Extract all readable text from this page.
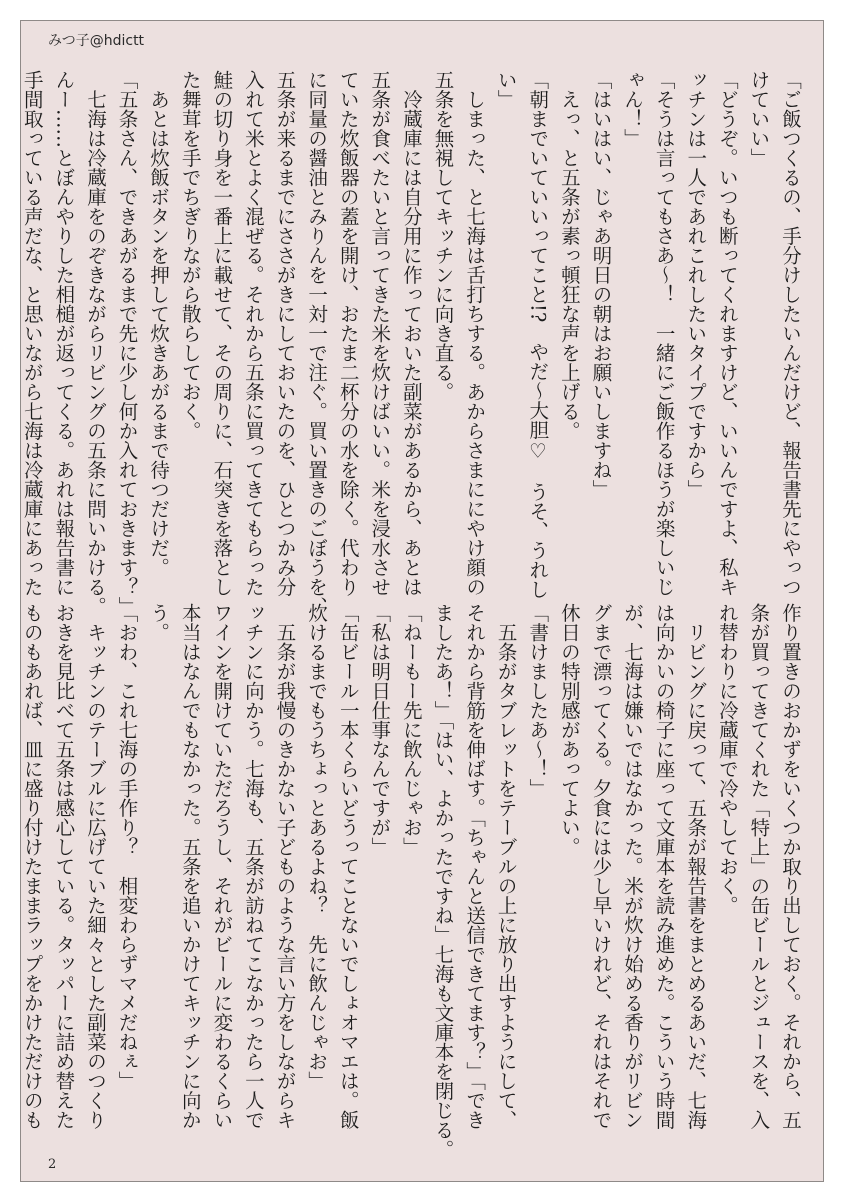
みつ子@hdictt
「ご飯つくるの、手分けしたいんだけど、報告書先にやっつ
けていい」
「どうぞ。いつも断ってくれますけど、いいんですよ、私キ
ッチンは一人であれこれしたいタイプですから」
「そうは言ってもさあ〜！　一緒にご飯作るほうが楽しいじ
ゃん！」
「はいはい、じゃあ明日の朝はお願いしますね」
　えっ、と五条が素っ頓狂な声を上げる。
「朝までいていいってこと!?　やだ〜大胆♡　うそ、うれし
い」
　しまった、と七海は舌打ちする。あからさまににやけ顔の
五条を無視してキッチンに向き直る。
　冷蔵庫には自分用に作っておいた副菜があるから、あとは
五条が食べたいと言ってきた米を炊けばいい。米を浸水させ
ていた炊飯器の蓋を開け、おたま二杯分の水を除く。代わり
に同量の醤油とみりんを一対一で注ぐ。買い置きのごぼうを、
五条が来るまでにささがきにしておいたのを、ひとつかみ分
入れて米とよく混ぜる。それから五条に買ってきてもらった
鮭の切り身を一番上に載せて、その周りに、石突きを落とし
た舞茸を手でちぎりながら散らしておく。
　あとは炊飯ボタンを押して炊きあがるまで待つだけだ。
「五条さん、できあがるまで先に少し何か入れておきます？」
　七海は冷蔵庫をのぞきながらリビングの五条に問いかける。
んー……とぼんやりした相槌が返ってくる。あれは報告書に
手間取っている声だな、と思いながら七海は冷蔵庫にあった
作り置きのおかずをいくつか取り出しておく。それから、五
条が買ってきてくれた「特上」の缶ビールとジュースを、入
れ替わりに冷蔵庫で冷やしておく。
　リビングに戻って、五条が報告書をまとめるあいだ、七海
は向かいの椅子に座って文庫本を読み進めた。こういう時間
が、七海は嫌いではなかった。米が炊け始める香りがリビン
グまで漂ってくる。夕食には少し早いけれど、それはそれで
休日の特別感があってよい。
「書けましたあ〜！」
　五条がタブレットをテーブルの上に放り出すようにして、
それから背筋を伸ばす。「ちゃんと送信できてます？」「でき
ましたあ！」「はい、よかったですね」七海も文庫本を閉じる。
「ねーもー先に飲んじゃお」
「私は明日仕事なんですが」
「缶ビール一本くらいどうってことないでしょオマエは。飯
炊けるまでもうちょっとあるよね？　先に飲んじゃお」
　五条が我慢のきかない子どものような言い方をしながらキ
ッチンに向かう。七海も、五条が訪ねてこなかったら一人で
ワインを開けていただろうし、それがビールに変わるくらい
本当はなんでもなかった。五条を追いかけてキッチンに向か
う。
「おわ、これ七海の手作り？　相変わらずマメだねぇ」
　キッチンのテーブルに広げていた細々とした副菜のつくり
おきを見比べて五条は感心している。タッパーに詰め替えた
ものもあれば、皿に盛り付けたままラップをかけただけのも
2
